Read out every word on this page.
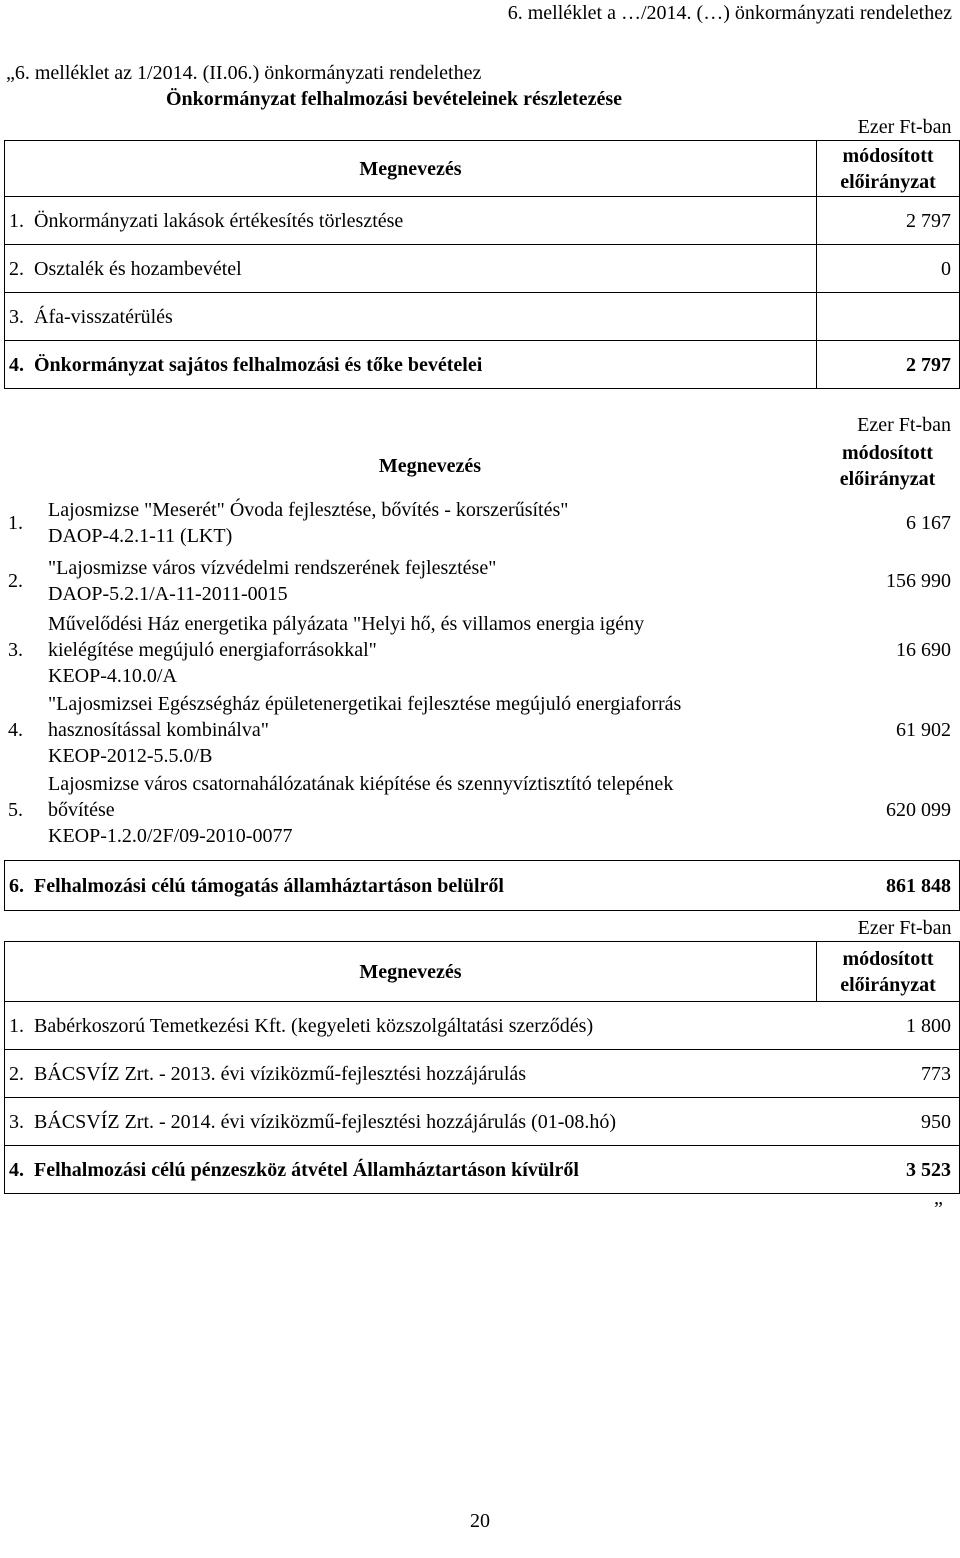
6. melléklet a …/2014. (…) önkormányzati rendelethez
„6. melléklet az 1/2014. (II.06.) önkormányzati rendelethez
Önkormányzat felhalmozási bevételeinek részletezése
	Ezer Ft-ban
Megnevezés	módosított
előirányzat

1. Önkormányzati lakások értékesítés törlesztése	2 797
2. Osztalék és hozambevétel	0
3. Áfa-visszatérülés	
4. Önkormányzat sajátos felhalmozási és tőke bevételei	2 797
		Ezer Ft-ban
	Megnevezés	módosított
előirányzat

1.	Lajosmizse "Meserét" Óvoda fejlesztése, bővítés - korszerűsítés"
DAOP-4.2.1-11 (LKT)	6 167
2.	"Lajosmizse város vízvédelmi rendszerének fejlesztése"
DAOP-5.2.1/A-11-2011-0015	156 990
3.	Művelődési Ház energetika pályázata "Helyi hő, és villamos energia igény
kielégítése megújuló energiaforrásokkal"
KEOP-4.10.0/A	16 690
4.	"Lajosmizsei Egészségház épületenergetikai fejlesztése megújuló energiaforrás
hasznosítással kombinálva"
KEOP-2012-5.5.0/B	61 902
5.	Lajosmizse város csatornahálózatának kiépítése és szennyvíztisztító telepének
bővítése
KEOP-1.2.0/2F/09-2010-0077	620 099
6. Felhalmozási célú támogatás államháztartáson belülről	861 848
	Ezer Ft-ban
Megnevezés	módosított
előirányzat

1. Babérkoszorú Temetkezési Kft. (kegyeleti közszolgáltatási szerződés)	1 800
2. BÁCSVÍZ Zrt. - 2013. évi víziközmű-fejlesztési hozzájárulás	773
3. BÁCSVÍZ Zrt. - 2014. évi víziközmű-fejlesztési hozzájárulás (01-08.hó)	950
4. Felhalmozási célú pénzeszköz átvétel Államháztartáson kívülről	3 523
”
20
